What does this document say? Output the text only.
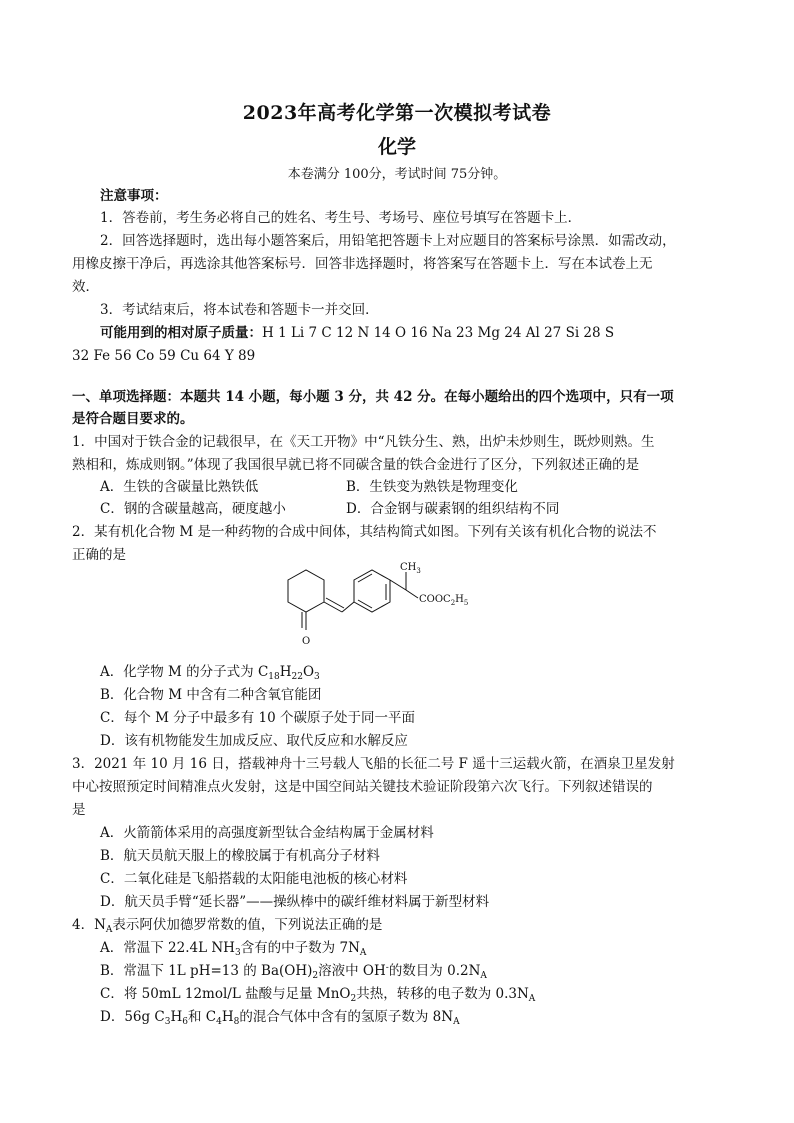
2023年高考化学第一次模拟考试卷
化学
本卷满分 100分，考试时间 75分钟。
注意事项：
1．答卷前，考生务必将自己的姓名、考生号、考场号、座位号填写在答题卡上．
2．回答选择题时，选出每小题答案后，用铅笔把答题卡上对应题目的答案标号涂黑．如需改动，
用橡皮擦干净后，再选涂其他答案标号．回答非选择题时，将答案写在答题卡上．写在本试卷上无
效．
3．考试结束后，将本试卷和答题卡一并交回．
可能用到的相对原子质量：H 1 Li 7 C 12 N 14 O 16 Na 23 Mg 24 Al 27 Si 28 S
32 Fe 56 Co 59 Cu 64 Y 89
一、单项选择题：本题共 14 小题，每小题 3 分，共 42 分。在每小题给出的四个选项中，只有一项
是符合题目要求的。
1．中国对于铁合金的记载很早，在《天工开物》中“凡铁分生、熟，出炉未炒则生，既炒则熟。生
熟相和，炼成则钢。”体现了我国很早就已将不同碳含量的铁合金进行了区分，下列叙述正确的是
A．生铁的含碳量比熟铁低	B．生铁变为熟铁是物理变化
C．钢的含碳量越高，硬度越小	D．合金钢与碳素钢的组织结构不同
2．某有机化合物 M 是一种药物的合成中间体，其结构简式如图。下列有关该有机化合物的说法不
正确的是
$CH_3$
$COOC_2H_5$
O
A．化学物 M 的分子式为 $C_{18}H_{22}O_3$
B．化合物 M 中含有二种含氧官能团
C．每个 M 分子中最多有 10 个碳原子处于同一平面
D．该有机物能发生加成反应、取代反应和水解反应
3．2021 年 10 月 16 日，搭载神舟十三号载人飞船的长征二号 F 遥十三运载火箭，在酒泉卫星发射
中心按照预定时间精准点火发射，这是中国空间站关键技术验证阶段第六次飞行。下列叙述错误的
是
A．火箭箭体采用的高强度新型钛合金结构属于金属材料
B．航天员航天服上的橡胶属于有机高分子材料
C．二氧化硅是飞船搭载的太阳能电池板的核心材料
D．航天员手臂“延长器”——操纵棒中的碳纤维材料属于新型材料
4．$N_A$表示阿伏加德罗常数的值，下列说法正确的是
A．常温下 22.4L $NH_3$含有的中子数为 $7N_A$
B．常温下 1L pH=13 的 $Ba(OH)_2$溶液中 OH-的数目为 $0.2N_A$
C．将 50mL 12mol/L 盐酸与足量 MnO$_2$共热，转移的电子数为 $0.3N_A$
D．56g $C_3H_6$和 $C_4H_8$的混合气体中含有的氢原子数为 $8N_A$
